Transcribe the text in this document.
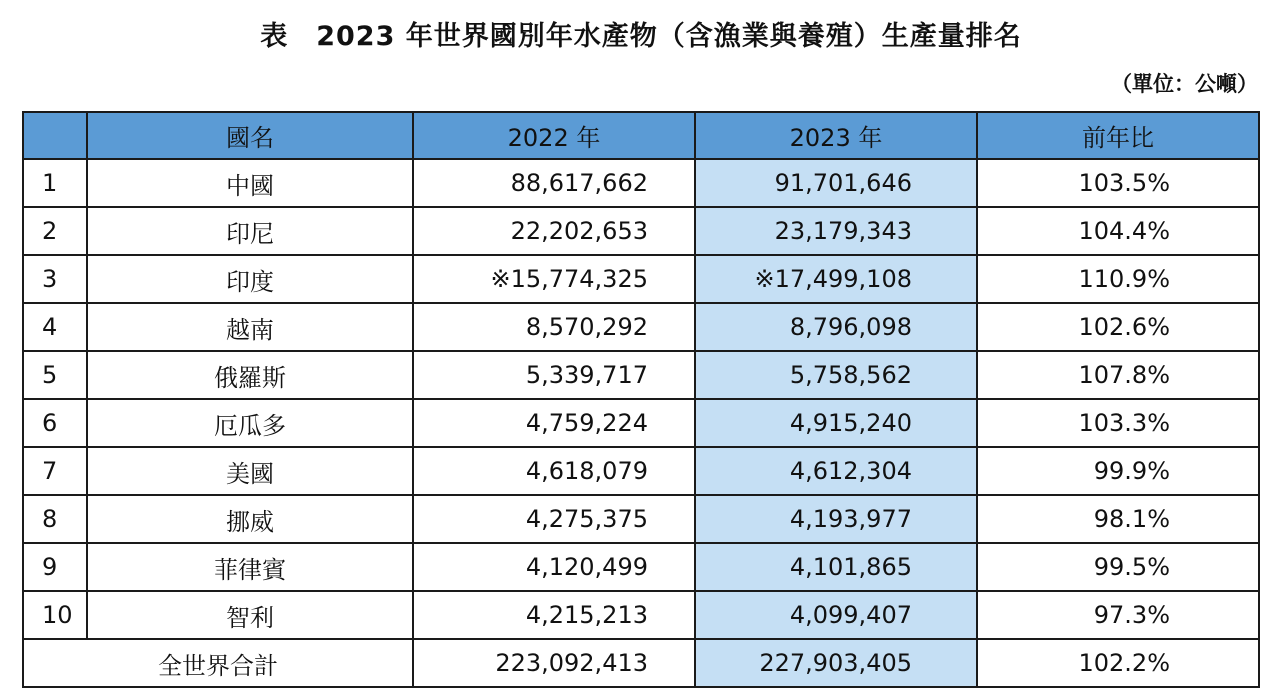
表 2023 年世界國別年水產物（含漁業與養殖）生產量排名
（單位：公噸）
	國名	2022 年	2023 年	前年比
1	中國	88,617,662	91,701,646	103.5%
2	印尼	22,202,653	23,179,343	104.4%
3	印度	※15,774,325	※17,499,108	110.9%
4	越南	8,570,292	8,796,098	102.6%
5	俄羅斯	5,339,717	5,758,562	107.8%
6	厄瓜多	4,759,224	4,915,240	103.3%
7	美國	4,618,079	4,612,304	99.9%
8	挪威	4,275,375	4,193,977	98.1%
9	菲律賓	4,120,499	4,101,865	99.5%
10	智利	4,215,213	4,099,407	97.3%
全世界合計		223,092,413	227,903,405	102.2%
